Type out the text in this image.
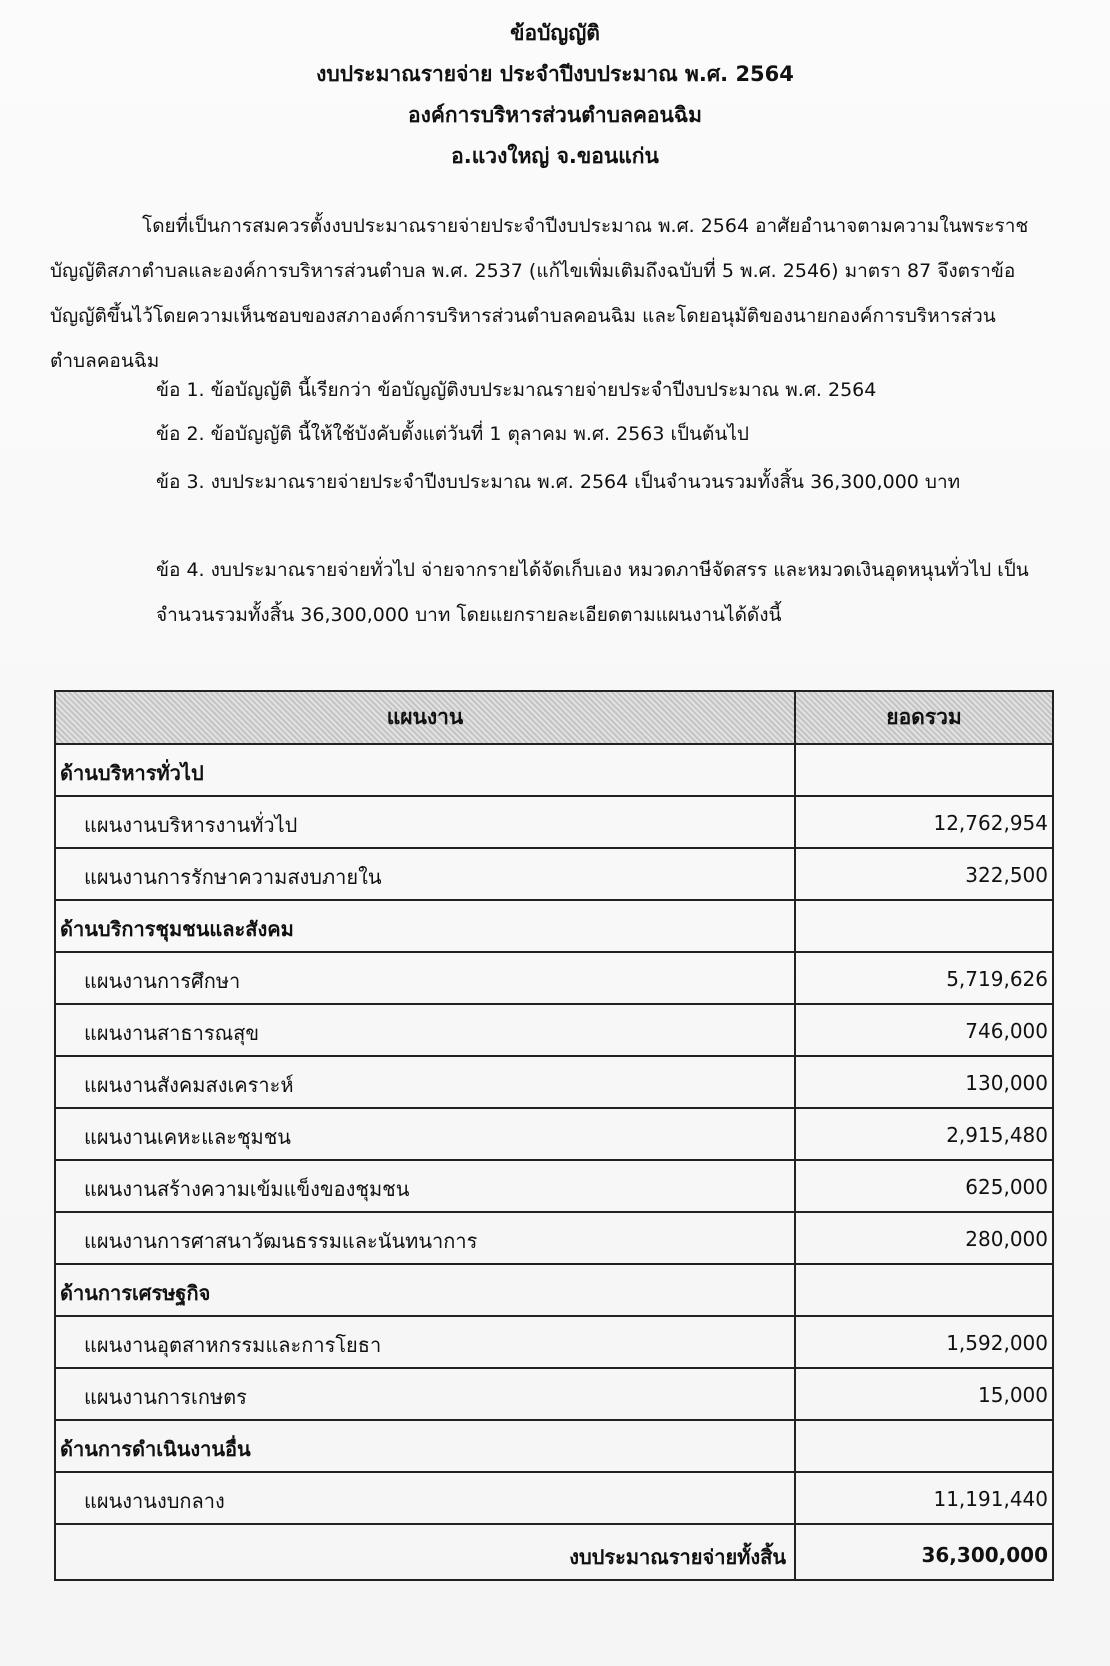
ข้อบัญญัติ

งบประมาณรายจ่าย ประจำปีงบประมาณ พ.ศ. 2564

องค์การบริหารส่วนตำบลคอนฉิม

อ.แวงใหญ่ จ.ขอนแก่น

โดยที่เป็นการสมควรตั้งงบประมาณรายจ่ายประจำปีงบประมาณ พ.ศ. 2564 อาศัยอำนาจตามความในพระราชบัญญัติสภาตำบลและองค์การบริหารส่วนตำบล พ.ศ. 2537 (แก้ไขเพิ่มเติมถึงฉบับที่ 5 พ.ศ. 2546) มาตรา 87 จึงตราข้อบัญญัติขึ้นไว้โดยความเห็นชอบของสภาองค์การบริหารส่วนตำบลคอนฉิม และโดยอนุมัติของนายกองค์การบริหารส่วนตำบลคอนฉิม

ข้อ 1. ข้อบัญญัติ นี้เรียกว่า ข้อบัญญัติงบประมาณรายจ่ายประจำปีงบประมาณ พ.ศ. 2564

ข้อ 2. ข้อบัญญัติ นี้ให้ใช้บังคับตั้งแต่วันที่ 1 ตุลาคม พ.ศ. 2563 เป็นต้นไป

ข้อ 3. งบประมาณรายจ่ายประจำปีงบประมาณ พ.ศ. 2564 เป็นจำนวนรวมทั้งสิ้น 36,300,000 บาท

ข้อ 4. งบประมาณรายจ่ายทั่วไป จ่ายจากรายได้จัดเก็บเอง หมวดภาษีจัดสรร และหมวดเงินอุดหนุนทั่วไป เป็นจำนวนรวมทั้งสิ้น 36,300,000 บาท โดยแยกรายละเอียดตามแผนงานได้ดังนี้

แผนงาน	ยอดรวม
ด้านบริหารทั่วไป	
แผนงานบริหารงานทั่วไป	12,762,954
แผนงานการรักษาความสงบภายใน	322,500
ด้านบริการชุมชนและสังคม	
แผนงานการศึกษา	5,719,626
แผนงานสาธารณสุข	746,000
แผนงานสังคมสงเคราะห์	130,000
แผนงานเคหะและชุมชน	2,915,480
แผนงานสร้างความเข้มแข็งของชุมชน	625,000
แผนงานการศาสนาวัฒนธรรมและนันทนาการ	280,000
ด้านการเศรษฐกิจ	
แผนงานอุตสาหกรรมและการโยธา	1,592,000
แผนงานการเกษตร	15,000
ด้านการดำเนินงานอื่น	
แผนงานงบกลาง	11,191,440
งบประมาณรายจ่ายทั้งสิ้น	36,300,000
